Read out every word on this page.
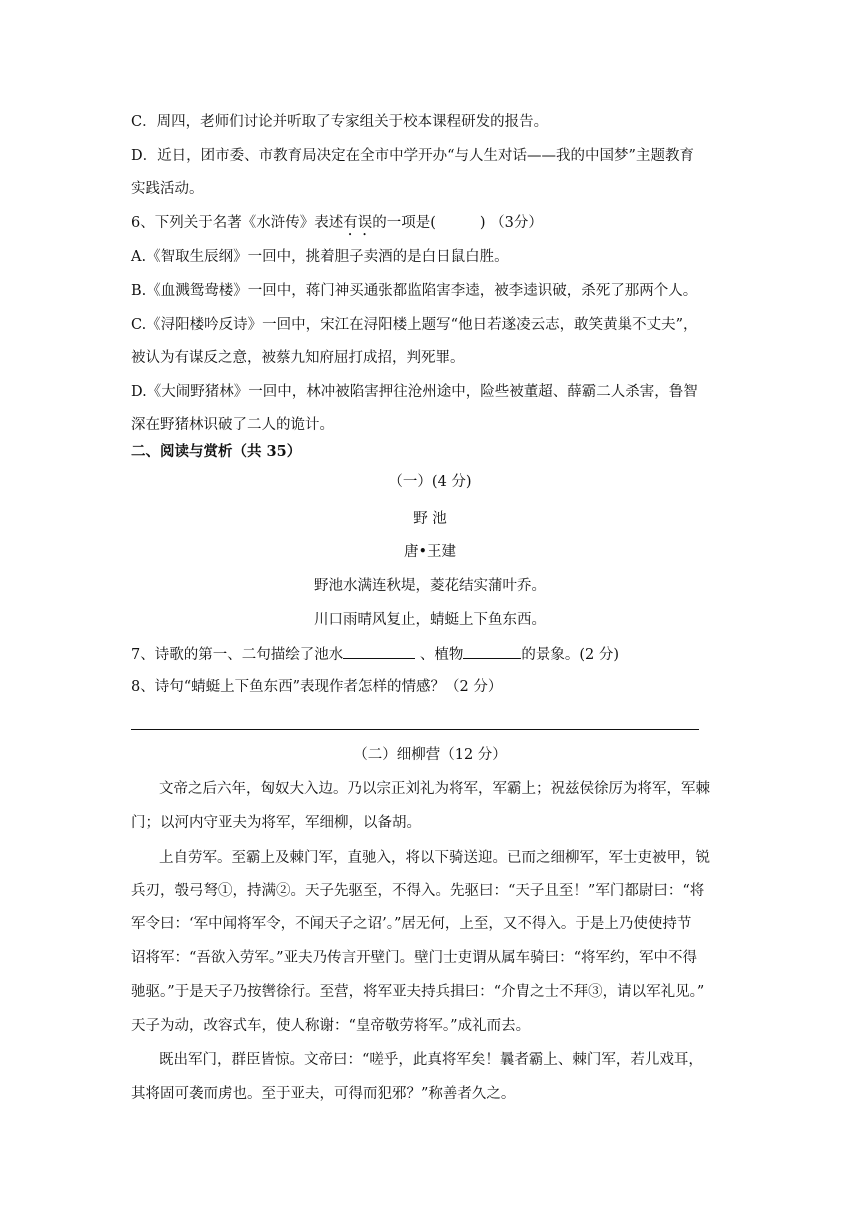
C．周四，老师们讨论并听取了专家组关于校本课程研发的报告。
D．近日，团市委、市教育局决定在全市中学开办“与人生对话——我的中国梦”主题教育
实践活动。
6、下列关于名著《水浒传》表述有误的一项是(	) （3分）
A.《智取生辰纲》一回中，挑着胆子卖酒的是白日鼠白胜。
B.《血溅鸳鸯楼》一回中，蒋门神买通张都监陷害李逵，被李逵识破，杀死了那两个人。
C.《浔阳楼吟反诗》一回中，宋江在浔阳楼上题写“他日若遂凌云志，敢笑黄巢不丈夫”，
被认为有谋反之意，被蔡九知府屈打成招，判死罪。
D.《大闹野猪林》一回中，林冲被陷害押往沧州途中，险些被董超、薛霸二人杀害，鲁智
深在野猪林识破了二人的诡计。
二、阅读与赏析（共 35）
（一）(4 分)
野 池
唐•王建
野池水满连秋堤，菱花结实蒲叶乔。
川口雨晴风复止，蜻蜓上下鱼东西。
7、诗歌的第一、二句描绘了池水	、植物	的景象。(2 分)
8、诗句“蜻蜓上下鱼东西”表现作者怎样的情感？（2 分）
（二）细柳营（12 分）
文帝之后六年，匈奴大入边。乃以宗正刘礼为将军，军霸上；祝兹侯徐厉为将军，军棘
门；以河内守亚夫为将军，军细柳，以备胡。
上自劳军。至霸上及棘门军，直驰入，将以下骑送迎。已而之细柳军，军士吏被甲，锐
兵刃，彀弓弩①，持满②。天子先驱至，不得入。先驱曰：“天子且至！”军门都尉曰：“将
军令曰：‘军中闻将军令，不闻天子之诏’。”居无何，上至，又不得入。于是上乃使使持节
诏将军：“吾欲入劳军。”亚夫乃传言开壁门。壁门士吏谓从属车骑曰：“将军约，军中不得
驰驱。”于是天子乃按辔徐行。至营，将军亚夫持兵揖曰：“介胄之士不拜③，请以军礼见。”
天子为动，改容式车，使人称谢：“皇帝敬劳将军。”成礼而去。
既出军门，群臣皆惊。文帝曰：“嗟乎，此真将军矣！曩者霸上、棘门军，若儿戏耳，
其将固可袭而虏也。至于亚夫，可得而犯邪？”称善者久之。
